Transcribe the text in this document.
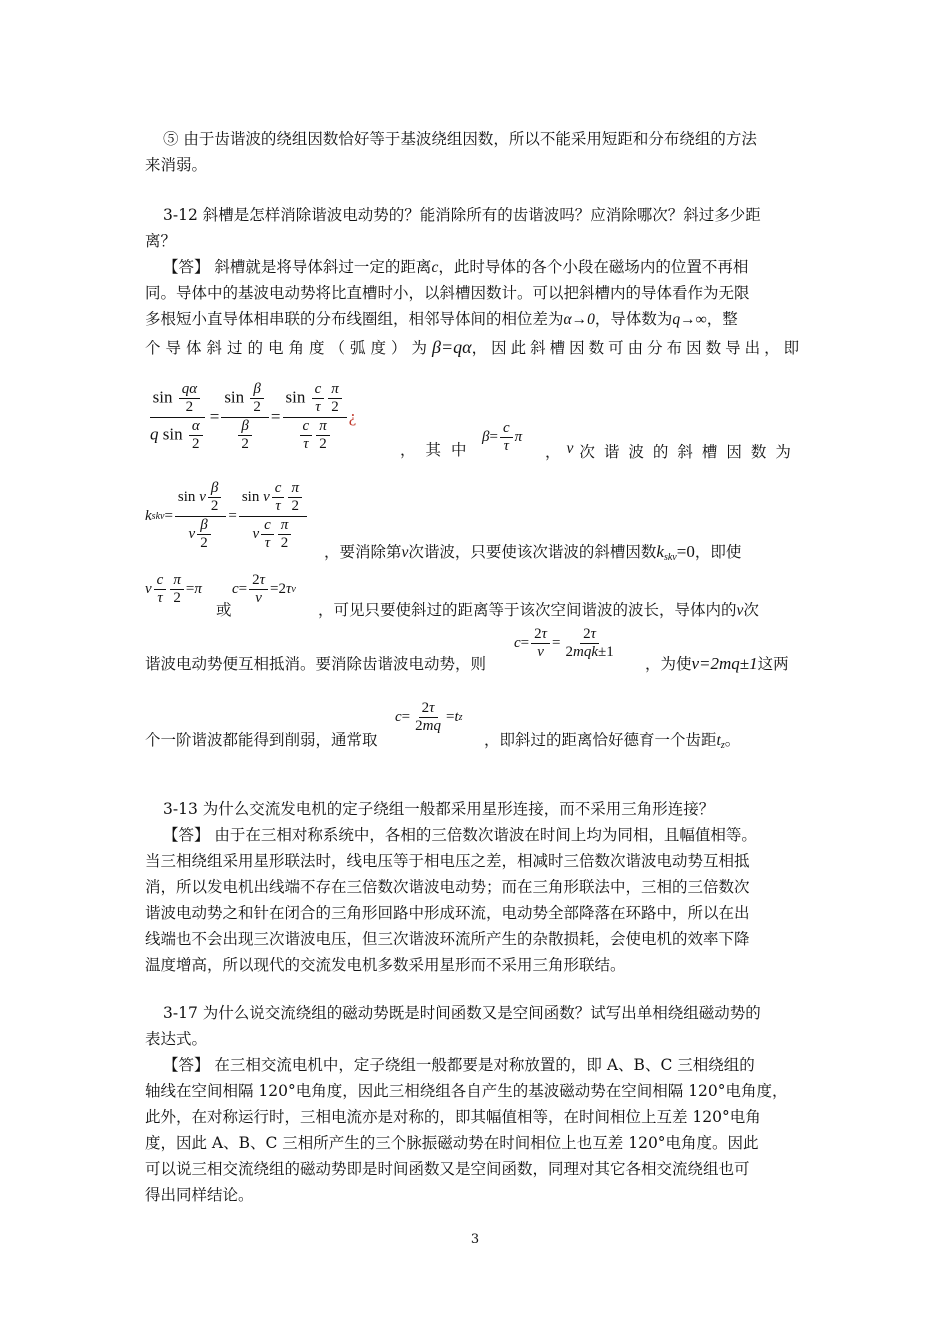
⑤ 由于齿谐波的绕组因数恰好等于基波绕组因数，所以不能采用短距和分布绕组的方法
来消弱。
3-12 斜槽是怎样消除谐波电动势的？能消除所有的齿谐波吗？应消除哪次？斜过多少距
离？
【答】 斜槽就是将导体斜过一定的距离c，此时导体的各个小段在磁场内的位置不再相
同。导体中的基波电动势将比直槽时小，以斜槽因数计。可以把斜槽内的导体看作为无限
多根短小直导体相串联的分布线圈组，相邻导体间的相位差为α→0，导体数为q→∞，整
个导体斜过的电角度（弧度）为β=qα，因此斜槽因数可由分布因数导出，即
$\frac{\sin \frac{q\alpha}{2}}{q \sin \frac{\alpha}{2}} = \frac{\sin \frac{\beta}{2}}{\frac{\beta}{2}} = \frac{\sin \frac{c}{\tau} \frac{\pi}{2}}{\frac{c}{\tau} \frac{\pi}{2}}$ ¿
，其中
$\beta = \frac{c}{\tau}$ π
， ν 次谐波的斜槽因数为
k $sk\nu = \frac{\sin \nu \frac{\beta}{2}}{\nu \frac{\beta}{2}} = \frac{\sin \nu \frac{c}{\tau} \frac{\pi}{2}}{\nu \frac{c}{\tau} \frac{\pi}{2}}$ ，要消除第ν次谐波，只要使该次谐波的斜槽因数$k_{sk\nu}=0$，即使
ν $\frac{c}{\tau} \frac{\pi}{2} = \pi$
或
$c = \frac{2\tau}{\nu} =2$ τ ν
，可见只要使斜过的距离等于该次空间谐波的波长，导体内的ν次
谐波电动势便互相抵消。要消除齿谐波电动势，则
$c = \frac{2\tau}{\nu} = \frac{2\tau}{\text{2mqk±1}}$
，为使ν=2mq±1这两
个一阶谐波都能得到削弱，通常取
$c = \frac{2\tau}{2mq} = t$ z
，即斜过的距离恰好德育一个齿距$t_z$。
3-13 为什么交流发电机的定子绕组一般都采用星形连接，而不采用三角形连接？
【答】 由于在三相对称系统中，各相的三倍数次谐波在时间上均为同相，且幅值相等。
当三相绕组采用星形联法时，线电压等于相电压之差，相减时三倍数次谐波电动势互相抵
消，所以发电机出线端不存在三倍数次谐波电动势；而在三角形联法中，三相的三倍数次
谐波电动势之和针在闭合的三角形回路中形成环流，电动势全部降落在环路中，所以在出
线端也不会出现三次谐波电压，但三次谐波环流所产生的杂散损耗，会使电机的效率下降
温度增高，所以现代的交流发电机多数采用星形而不采用三角形联结。
3-17 为什么说交流绕组的磁动势既是时间函数又是空间函数？试写出单相绕组磁动势的
表达式。
【答】 在三相交流电机中，定子绕组一般都要是对称放置的，即 A、B、C 三相绕组的
轴线在空间相隔 120°电角度，因此三相绕组各自产生的基波磁动势在空间相隔 120°电角度，
此外，在对称运行时，三相电流亦是对称的，即其幅值相等，在时间相位上互差 120°电角
度，因此 A、B、C 三相所产生的三个脉振磁动势在时间相位上也互差 120°电角度。因此
可以说三相交流绕组的磁动势即是时间函数又是空间函数，同理对其它各相交流绕组也可
得出同样结论。
3
